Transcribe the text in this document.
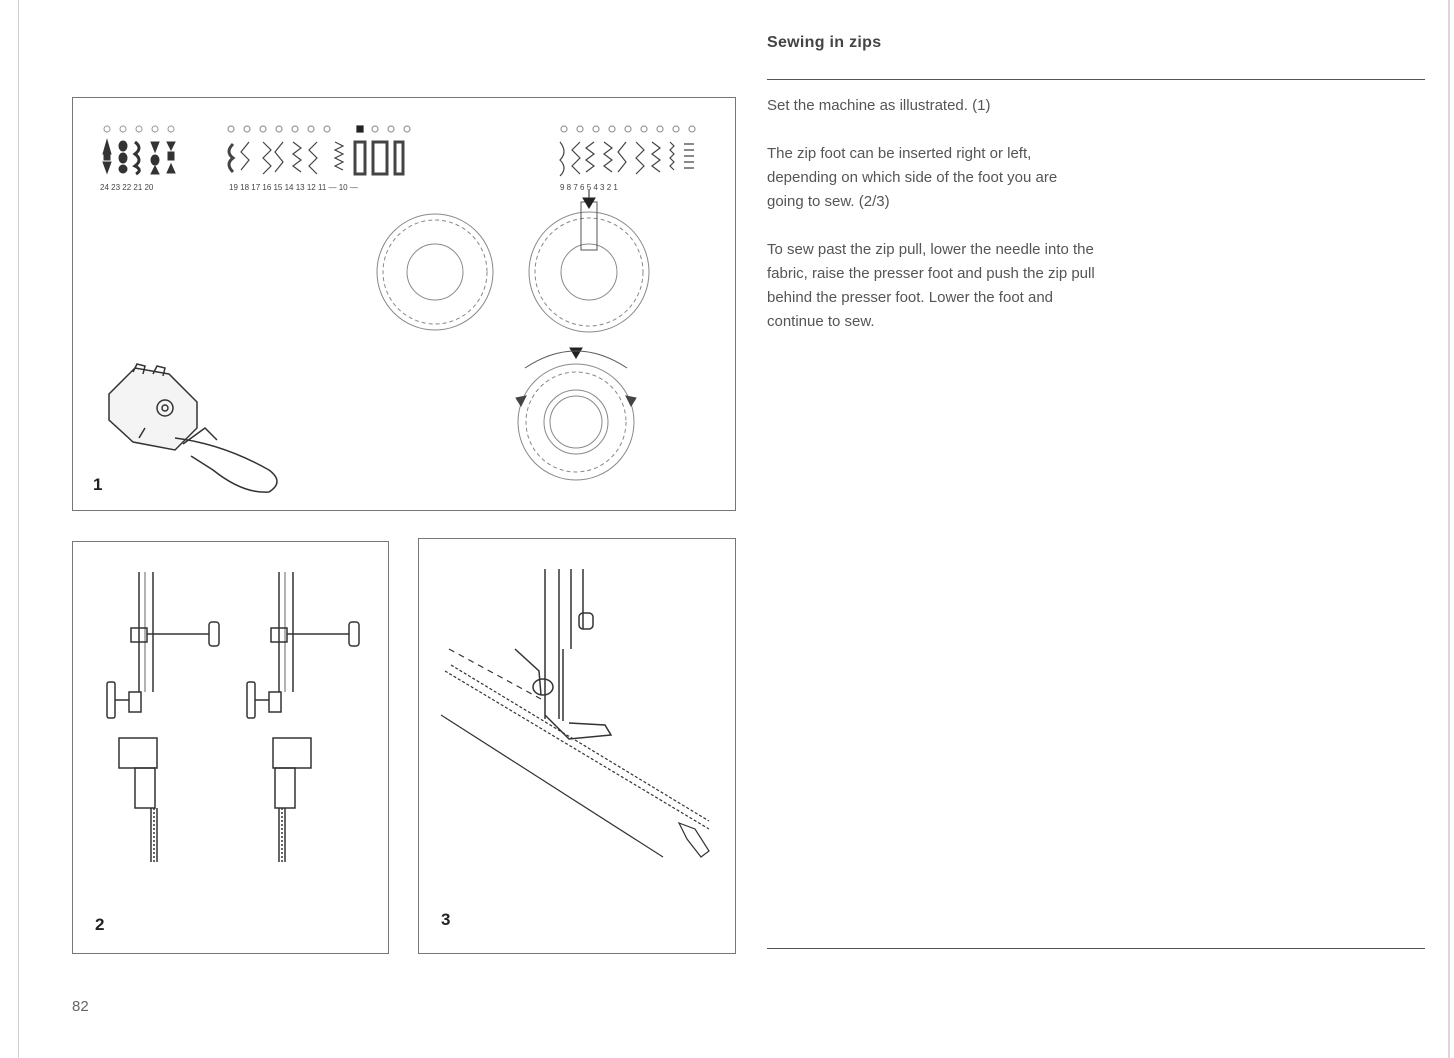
Sewing in zips

Set the machine as illustrated. (1)

The zip foot can be inserted right or left, depending on which side of the foot you are going to sew. (2/3)

To sew past the zip pull, lower the needle into the fabric, raise the presser foot and push the zip pull behind the presser foot. Lower the foot and continue to sew.

24 23 22 21 20	19 18 17 16 15 14 13 12 11 — 10 —	9 8 7 6 5 4 3 2 1
1
2	3
82
